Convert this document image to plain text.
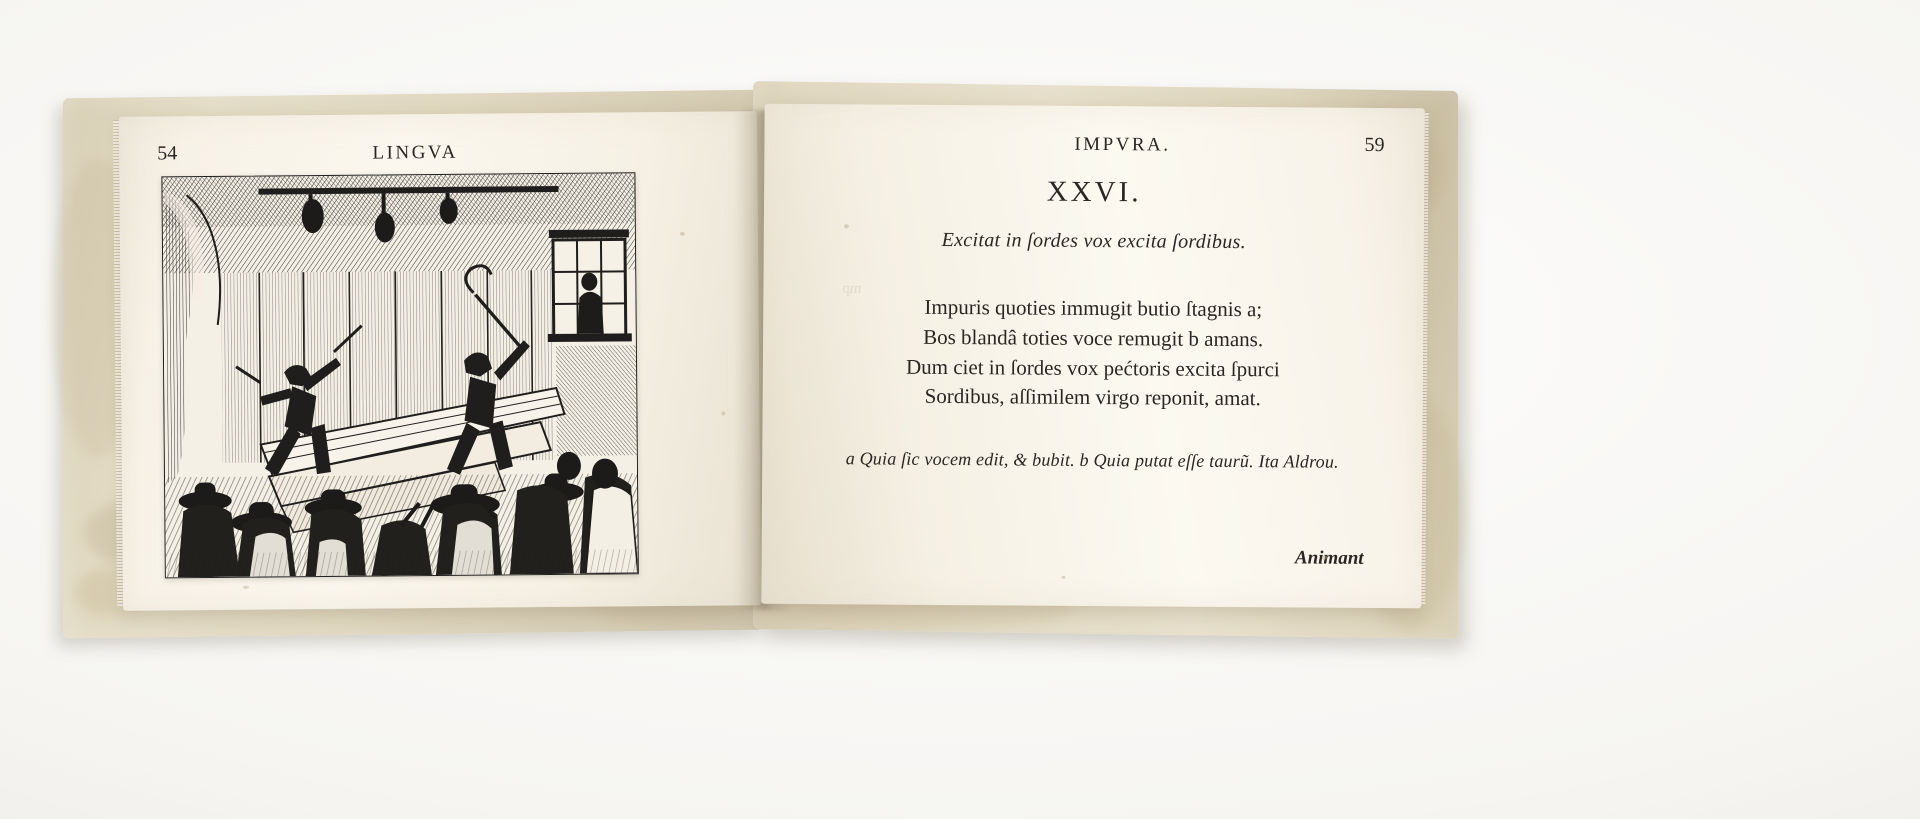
54	LINGVA	IMPVRA.	59
XXVI.
Excitat in ſordes vox excita ſordibus.
Impuris quoties immugit butio ſtagnis a;
Bos blandâ toties voce remugit b amans.
Dum ciet in ſordes vox pećtoris excita ſpurci
Sordibus, aſſimilem virgo reponit, amat.
a Quia ſic vocem edit, & bubit. b Quia putat eſſe taurũ. Ita Aldrou.
Animant
mp
